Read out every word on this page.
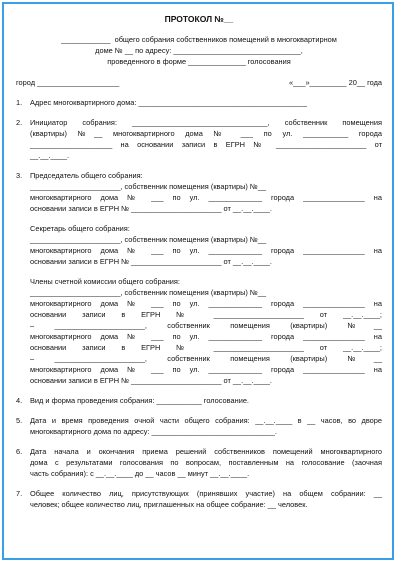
ПРОТОКОЛ №__
____________  общего собрания собственников помещений в многоквартирном
доме № __ по адресу: _______________________________,
проведенного в форме ______________ голосования
город ____________________	«___»_________ 20__ года
1. Адрес многоквартирного дома: _________________________________________
2. Инициатор собрания: _________________________________, собственник помещения
(квартиры) №__ многоквартирного дома № ___ по ул. ___________ города
____________________ на основании записи в ЕГРН № ______________________ от
__.__.____.
3. Председатель общего собрания:
______________________, собственник помещения (квартиры) №__
многоквартирного дома № ___ по ул. _____________ города _______________ на
основании записи в ЕГРН № ______________________ от __.__.____.
Секретарь общего собрания:
______________________, собственник помещения (квартиры) №__
многоквартирного дома № ___ по ул. _____________ города _______________ на
основании записи в ЕГРН № ______________________ от __.__.____.
Члены счетной комиссии общего собрания:
______________________, собственник помещения (квартиры) №__
многоквартирного дома № ___ по ул. _____________ города _______________ на
основании записи в ЕГРН № ______________________ от __.__.____;
– ______________________, собственник помещения (квартиры) №__
многоквартирного дома № ___ по ул. _____________ города _______________ на
основании записи в ЕГРН № ______________________ от __.__.____;
– ______________________, собственник помещения (квартиры) №__
многоквартирного дома № ___ по ул. _____________ города _______________ на
основании записи в ЕГРН № ______________________ от __.__.____.
4. Вид и форма проведения собрания: ___________ голосование.
5. Дата и время проведения очной части общего собрания: __.__.____ в __ часов, во дворе
многоквартирного дома по адресу: ______________________________.
6. Дата начала и окончания приема решений собственников помещений многоквартирного
дома с результатами голосования по вопросам, поставленным на голосование (заочная
часть собрания): с __.__.____ до __ часов __ минут __.__.____.
7. Общее количество лиц, присутствующих (принявших участие) на общем собрании: __
человек; общее количество лиц, приглашенных на общее собрание: __ человек.
